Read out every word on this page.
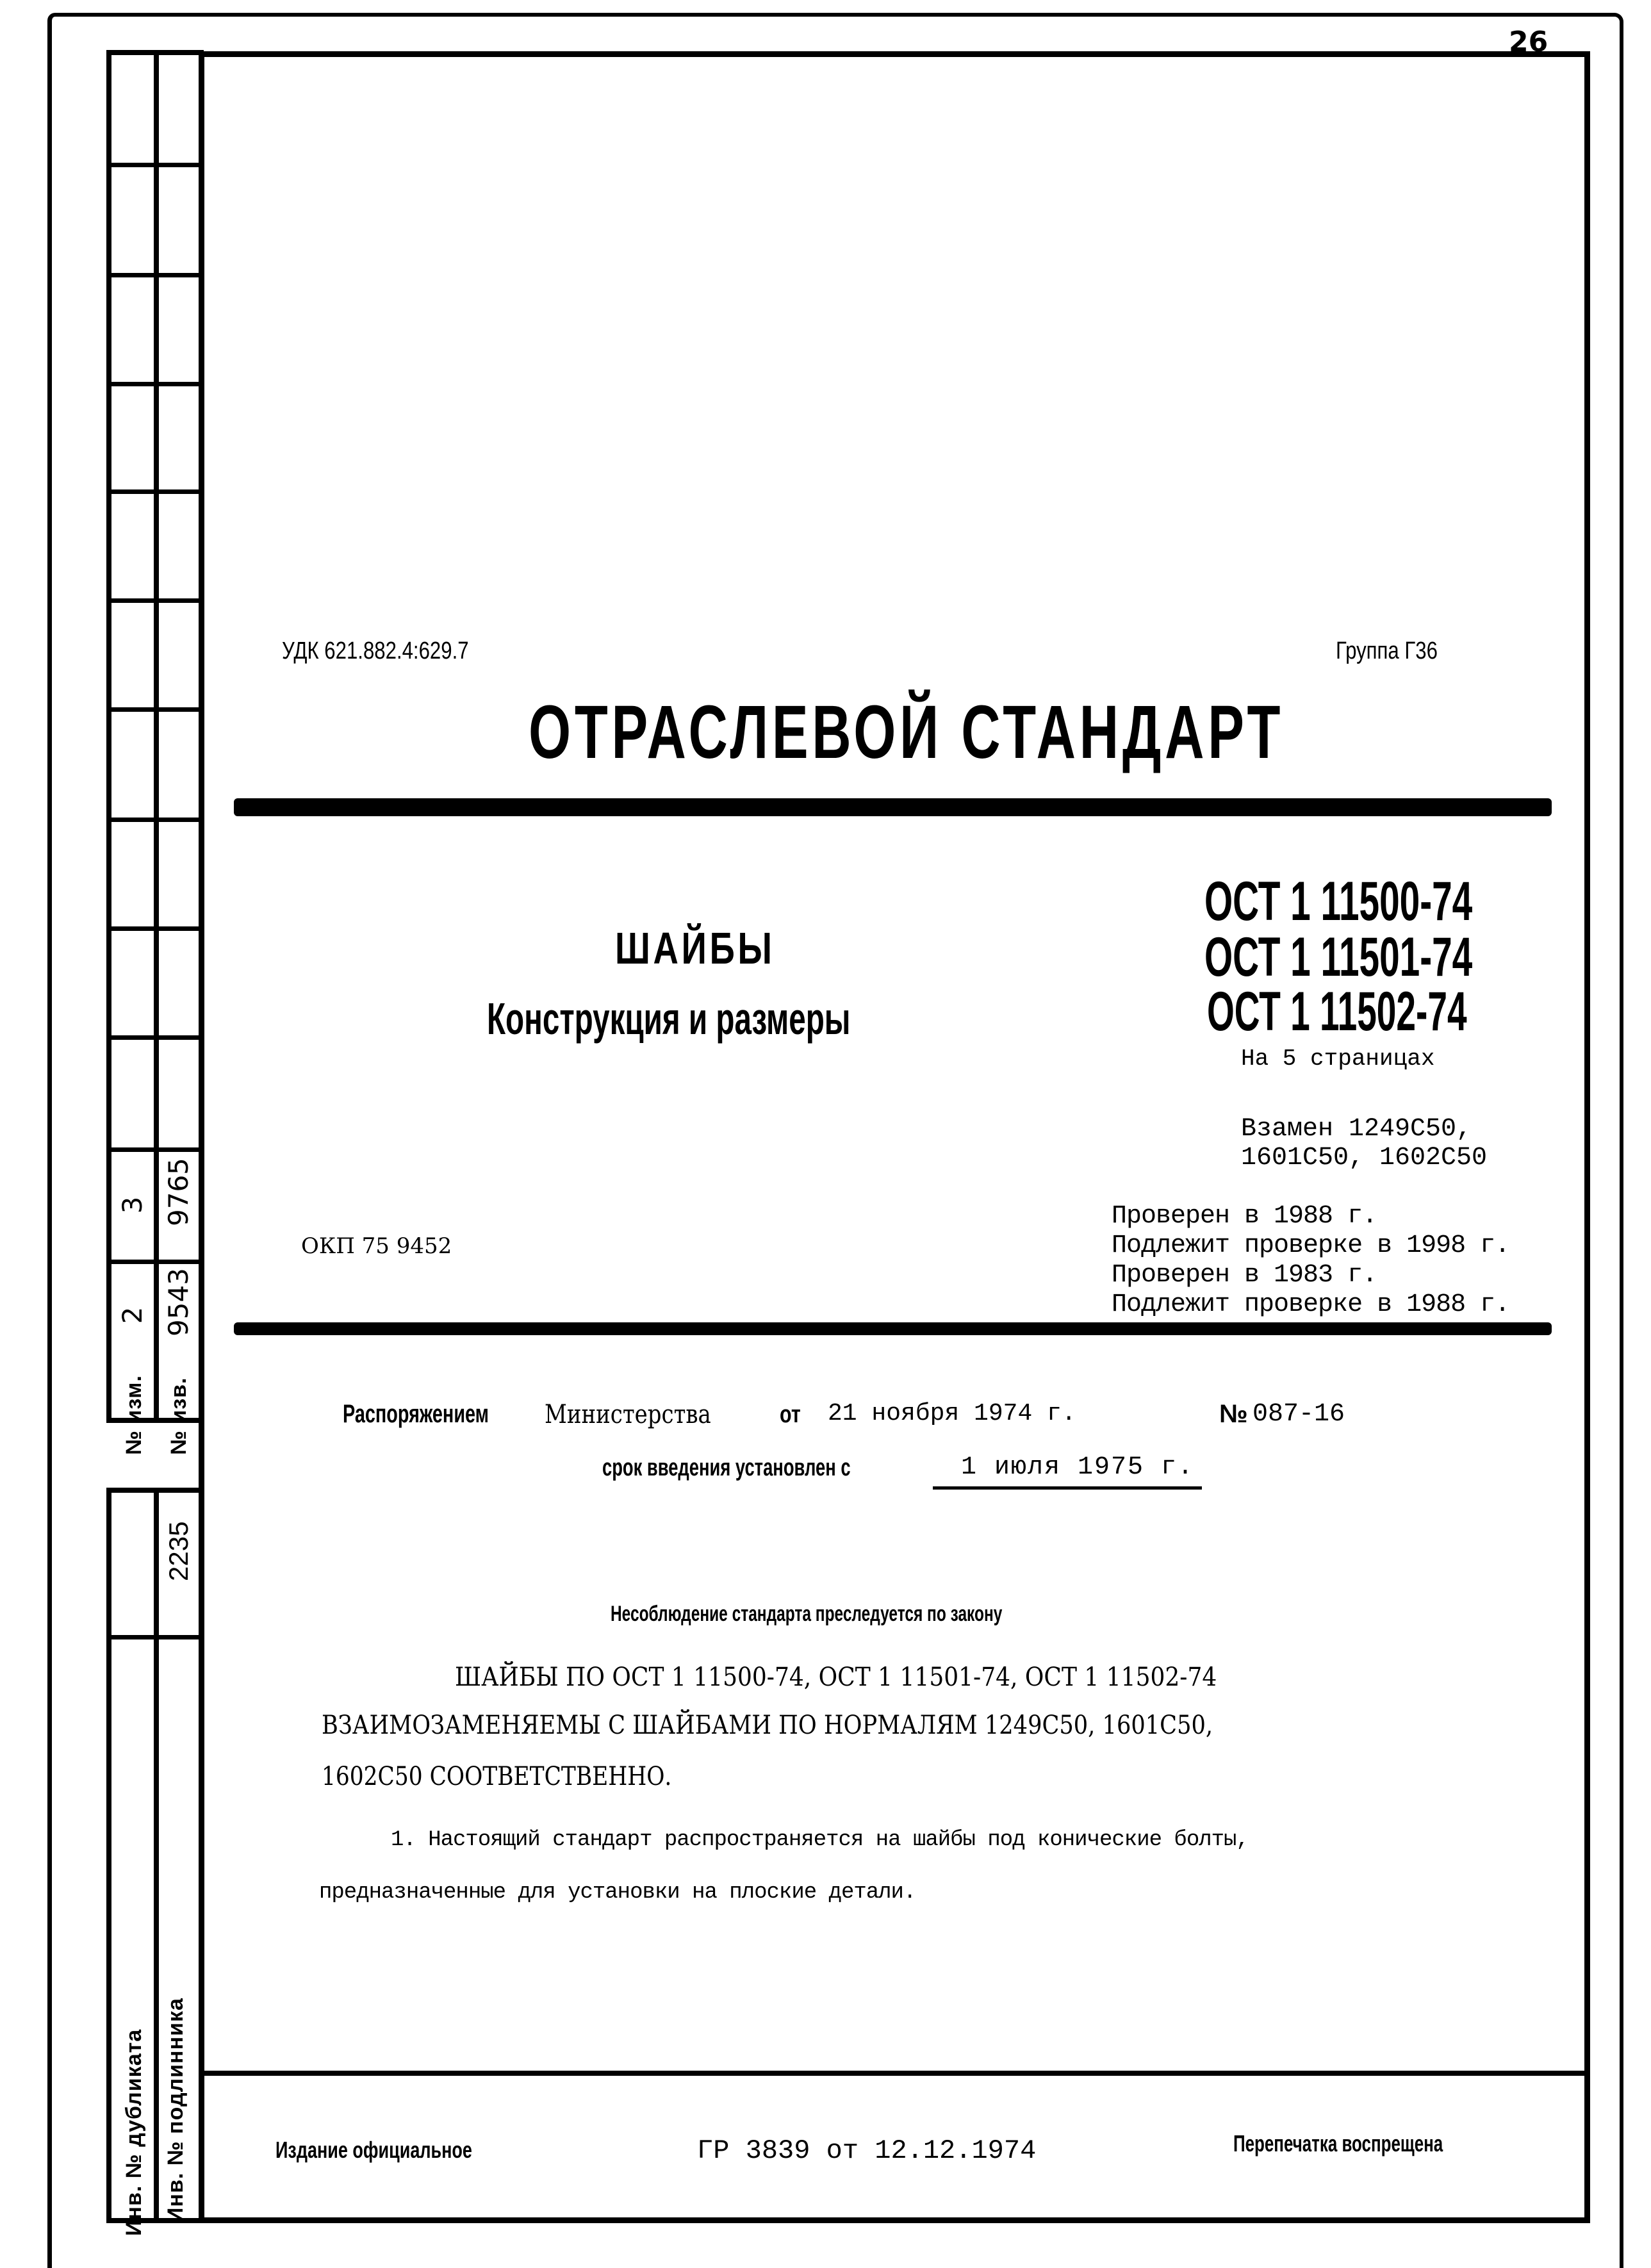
26
3 9765
2 9543
№ изм. № изв.
2235
Инв. № дубликата Инв. № подлинника
УДК 621.882.4:629.7	Группа Г36
ОТРАСЛЕВОЙ СТАНДАРТ
ШАЙБЫ
Конструкция и размеры
ОСТ 1 11500-74
ОСТ 1 11501-74
ОСТ 1 11502-74
На 5 страницах
Взамен 1249С50,
1601С50, 1602С50
ОКП 75 9452
Проверен в 1988 г.
Подлежит проверке в 1998 г.
Проверен в 1983 г.
Подлежит проверке в 1988 г.
Распоряжением Министерства	от 21 ноября 1974 г.	№ 087-16
срок введения установлен с	1 июля 1975 г.
Несоблюдение стандарта преследуется по закону
ШАЙБЫ ПО ОСТ 1 11500-74, ОСТ 1 11501-74, ОСТ 1 11502-74
ВЗАИМОЗАМЕНЯЕМЫ С ШАЙБАМИ ПО НОРМАЛЯМ 1249С50, 1601С50,
1602С50 СООТВЕТСТВЕННО.
1. Настоящий стандарт распространяется на шайбы под конические болты,
предназначенные для установки на плоские детали.
Издание официальное	ГР 3839 от 12.12.1974	Перепечатка воспрещена
